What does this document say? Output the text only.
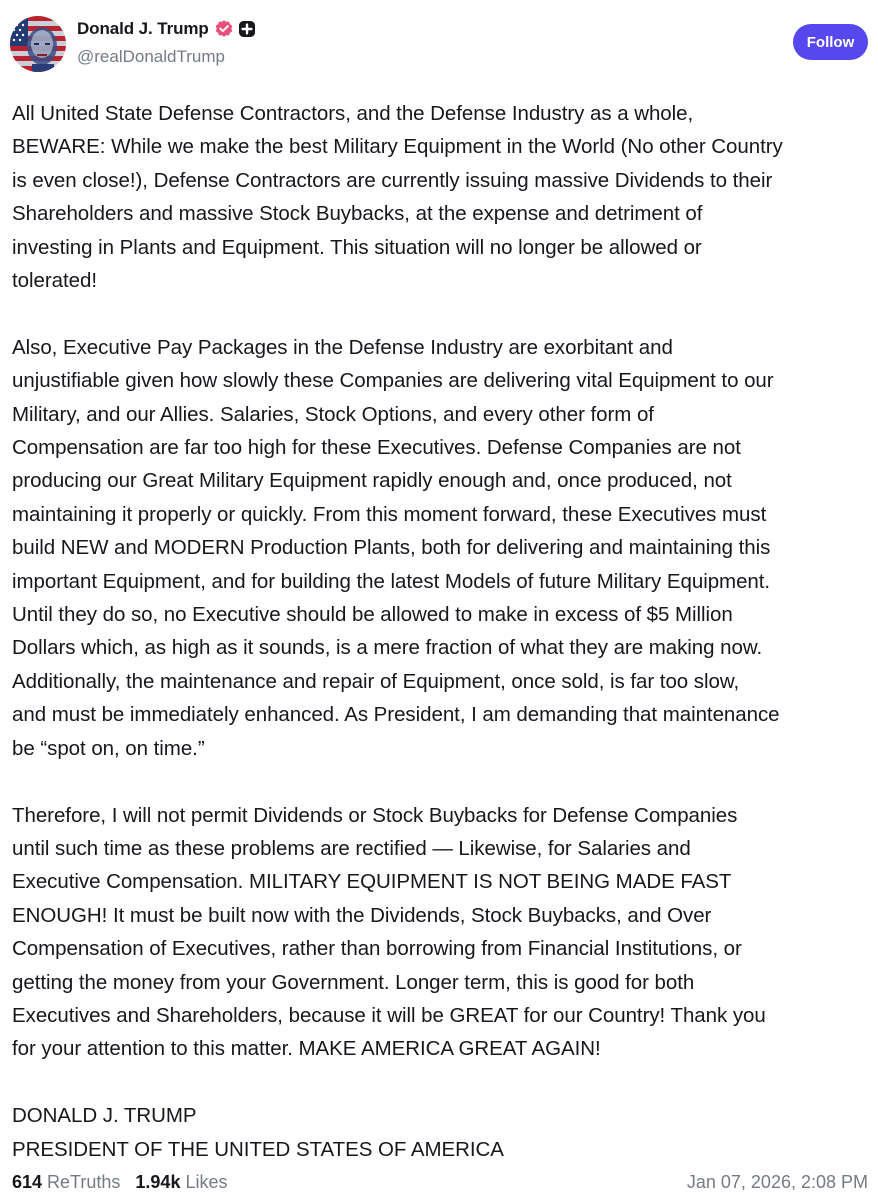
Donald J. Trump
@realDonaldTrump
Follow

All United State Defense Contractors, and the Defense Industry as a whole,
BEWARE: While we make the best Military Equipment in the World (No other Country
is even close!), Defense Contractors are currently issuing massive Dividends to their
Shareholders and massive Stock Buybacks, at the expense and detriment of
investing in Plants and Equipment. This situation will no longer be allowed or
tolerated!

Also, Executive Pay Packages in the Defense Industry are exorbitant and
unjustifiable given how slowly these Companies are delivering vital Equipment to our
Military, and our Allies. Salaries, Stock Options, and every other form of
Compensation are far too high for these Executives. Defense Companies are not
producing our Great Military Equipment rapidly enough and, once produced, not
maintaining it properly or quickly. From this moment forward, these Executives must
build NEW and MODERN Production Plants, both for delivering and maintaining this
important Equipment, and for building the latest Models of future Military Equipment.
Until they do so, no Executive should be allowed to make in excess of $5 Million
Dollars which, as high as it sounds, is a mere fraction of what they are making now.
Additionally, the maintenance and repair of Equipment, once sold, is far too slow,
and must be immediately enhanced. As President, I am demanding that maintenance
be “spot on, on time.”

Therefore, I will not permit Dividends or Stock Buybacks for Defense Companies
until such time as these problems are rectified — Likewise, for Salaries and
Executive Compensation. MILITARY EQUIPMENT IS NOT BEING MADE FAST
ENOUGH! It must be built now with the Dividends, Stock Buybacks, and Over
Compensation of Executives, rather than borrowing from Financial Institutions, or
getting the money from your Government. Longer term, this is good for both
Executives and Shareholders, because it will be GREAT for our Country! Thank you
for your attention to this matter. MAKE AMERICA GREAT AGAIN!

DONALD J. TRUMP
PRESIDENT OF THE UNITED STATES OF AMERICA

614 ReTruths 1.94k Likes	Jan 07, 2026, 2:08 PM
